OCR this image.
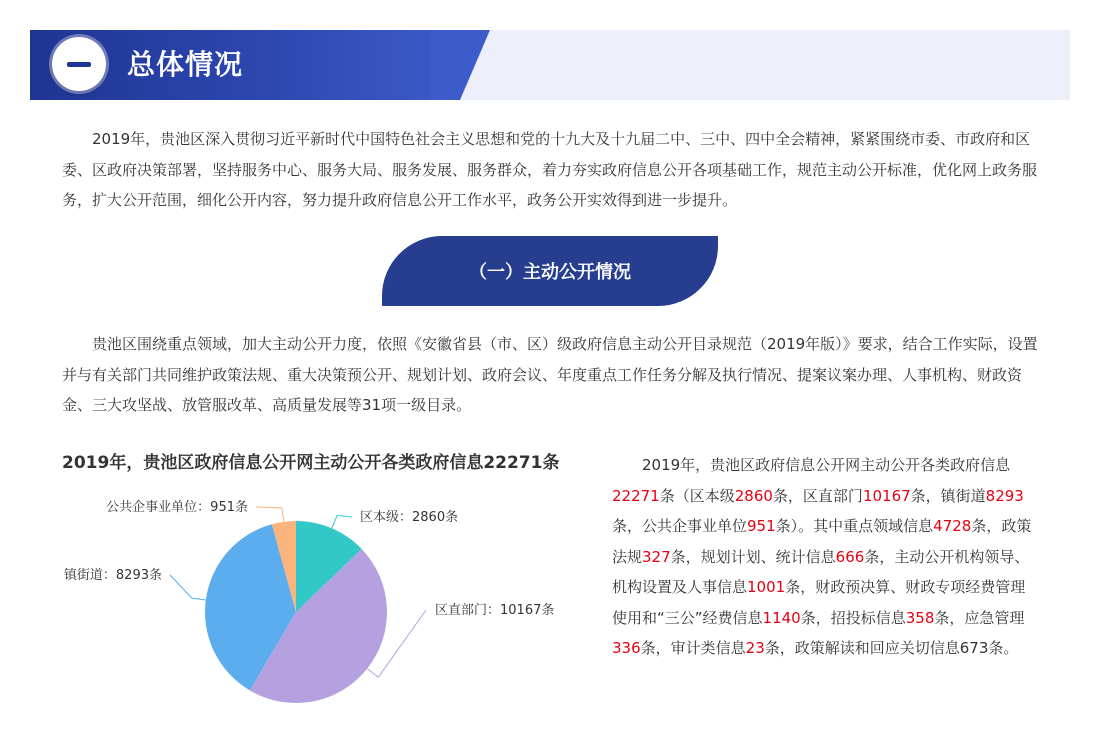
总体情况

2019年，贵池区深入贯彻习近平新时代中国特色社会主义思想和党的十九大及十九届二中、三中、四中全会精神，紧紧围绕市委、市政府和区委、区政府决策部署，坚持服务中心、服务大局、服务发展、服务群众，着力夯实政府信息公开各项基础工作，规范主动公开标准，优化网上政务服务，扩大公开范围，细化公开内容，努力提升政府信息公开工作水平，政务公开实效得到进一步提升。

（一）主动公开情况

贵池区围绕重点领域，加大主动公开力度，依照《安徽省县（市、区）级政府信息主动公开目录规范（2019年版）》要求，结合工作实际，设置并与有关部门共同维护政策法规、重大决策预公开、规划计划、政府会议、年度重点工作任务分解及执行情况、提案议案办理、人事机构、财政资金、三大攻坚战、放管服改革、高质量发展等31项一级目录。

2019年，贵池区政府信息公开网主动公开各类政府信息22271条
区本级：2860条
区直部门：10167条
镇街道：8293条
公共企事业单位：951条

2019年，贵池区政府信息公开网主动公开各类政府信息22271条（区本级2860条，区直部门10167条，镇街道8293条，公共企事业单位951条）。其中重点领域信息4728条，政策法规327条，规划计划、统计信息666条，主动公开机构领导、机构设置及人事信息1001条，财政预决算、财政专项经费管理使用和“三公”经费信息1140条，招投标信息358条，应急管理336条，审计类信息23条，政策解读和回应关切信息673条。
